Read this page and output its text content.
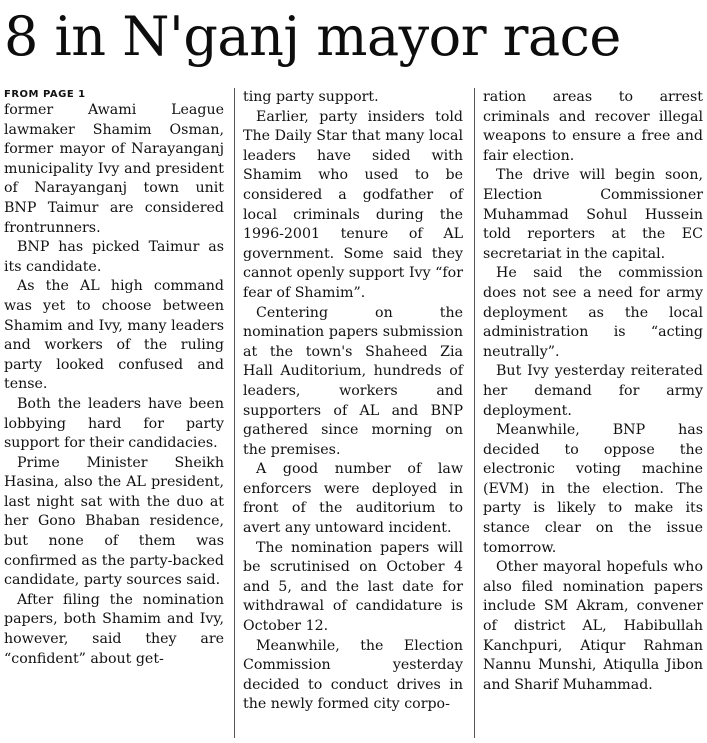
8 in N'ganj mayor race
FROM PAGE 1

former Awami League lawmaker Shamim Osman, former mayor of Narayanganj municipality Ivy and president of Narayanganj town unit BNP Taimur are considered frontrunners.

BNP has picked Taimur as its candidate.

As the AL high command was yet to choose between Shamim and Ivy, many leaders and workers of the ruling party looked confused and tense.

Both the leaders have been lobbying hard for party support for their candidacies.

Prime Minister Sheikh Hasina, also the AL president, last night sat with the duo at her Gono Bhaban residence, but none of them was confirmed as the party-backed candidate, party sources said.

After filing the nomination papers, both Shamim and Ivy, however, said they are “confident” about get-

ting party support.

Earlier, party insiders told The Daily Star that many local leaders have sided with Shamim who used to be considered a godfather of local criminals during the 1996-2001 tenure of AL government. Some said they cannot openly support Ivy “for fear of Shamim”.

Centering on the nomination papers submission at the town's Shaheed Zia Hall Auditorium, hundreds of leaders, workers and supporters of AL and BNP gathered since morning on the premises.

A good number of law enforcers were deployed in front of the auditorium to avert any untoward incident.

The nomination papers will be scrutinised on October 4 and 5, and the last date for withdrawal of candidature is October 12.

Meanwhile, the Election Commission yesterday decided to conduct drives in the newly formed city corpo-

ration areas to arrest criminals and recover illegal weapons to ensure a free and fair election.

The drive will begin soon, Election Commissioner Muhammad Sohul Hussein told reporters at the EC secretariat in the capital.

He said the commission does not see a need for army deployment as the local administration is “acting neutrally”.

But Ivy yesterday reiterated her demand for army deployment.

Meanwhile, BNP has decided to oppose the electronic voting machine (EVM) in the election. The party is likely to make its stance clear on the issue tomorrow.

Other mayoral hopefuls who also filed nomination papers include SM Akram, convener of district AL, Habibullah Kanchpuri, Atiqur Rahman Nannu Munshi, Atiqulla Jibon and Sharif Muhammad.
